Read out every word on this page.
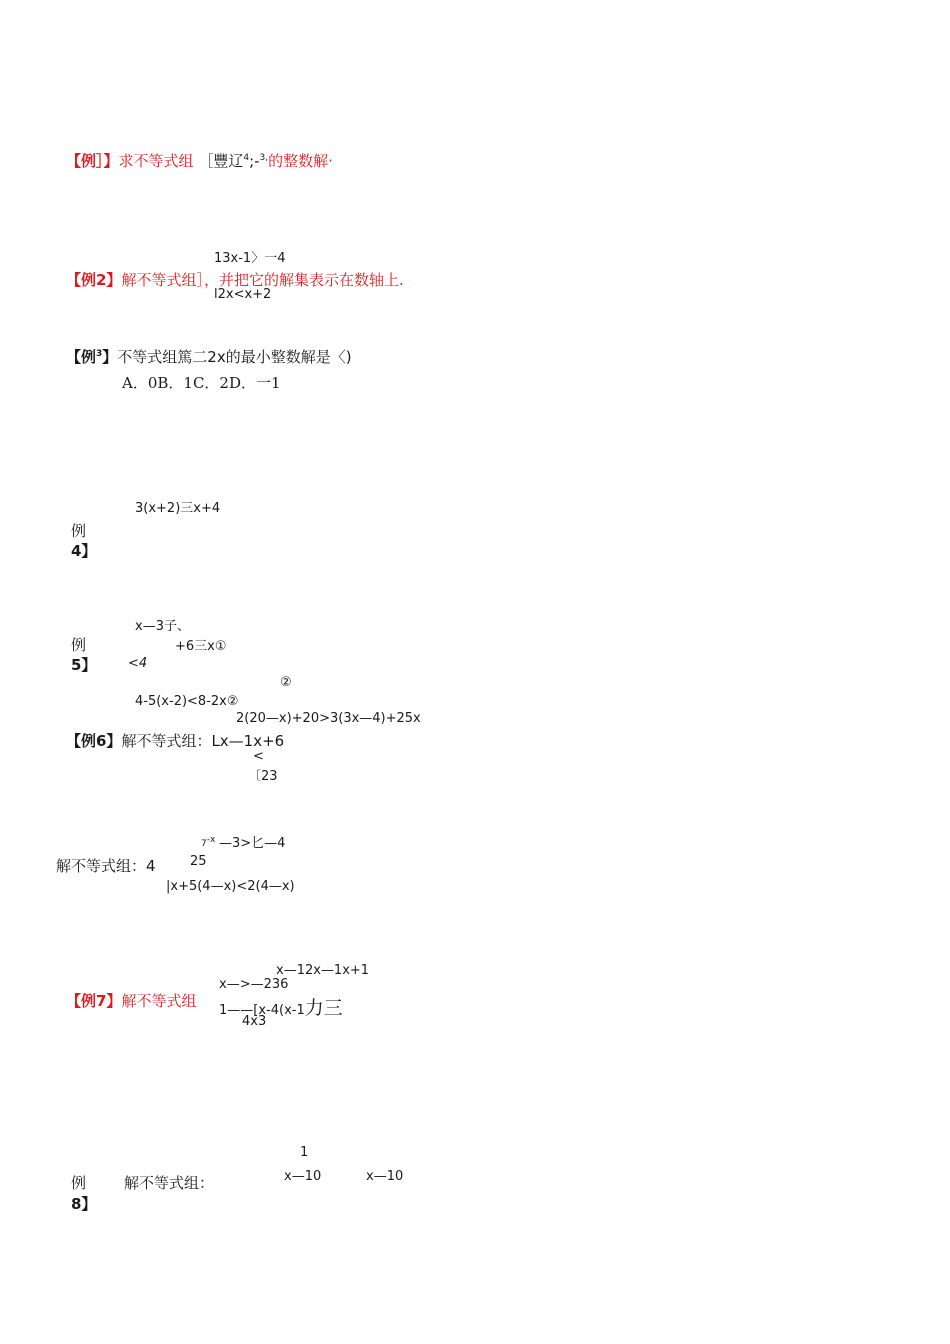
【例］】求不等式组 ［豐辽$^4$;-$^{3,}$的整数解·
13x-1〉一4
【例2】解不等式组］，并把它的解集表示在数轴上.
l2x<x+2
【例$^3$】不等式组篤二2x的最小整数解是〈)
A．0B．1C．2D．一1
3(x+2)三x+4
例
4】
x—3子、
+6三x①
例
5】 <4
②
4-5(x-2)<8-2x②
2(20—x)+20>3(3x—4)+25x
【例6】解不等式组：Lx—1x+6
<
〔23
7-x —3>匕—4
解不等式组：4	25
|x+5(4—x)<2(4—x)
x—12x—1x+1
x—>—236
【例7】解不等式组
1——[x-4(x-1力三
4x3
1
例	解不等式组：	x—10	x—10
8】
